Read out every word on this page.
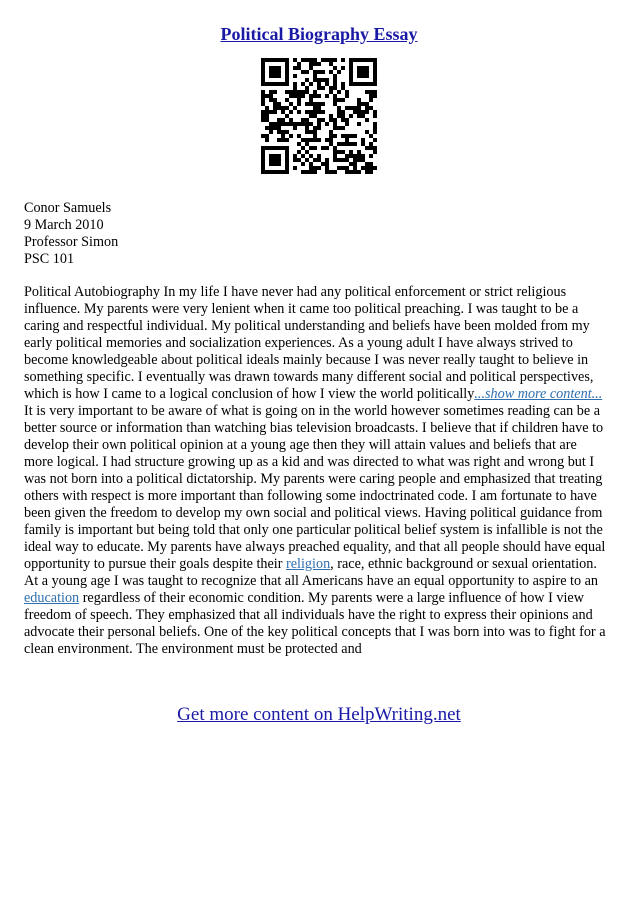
Political Biography Essay
Conor Samuels
9 March 2010
Professor Simon
PSC 101

Political Autobiography In my life I have never had any political enforcement or strict religious influence. My parents were very lenient when it came too political preaching. I was taught to be a caring and respectful individual. My political understanding and beliefs have been molded from my early political memories and socialization experiences. As a young adult I have always strived to become knowledgeable about political ideals mainly because I was never really taught to believe in something specific. I eventually was drawn towards many different social and political perspectives, which is how I came to a logical conclusion of how I view the world politically...show more content...

It is very important to be aware of what is going on in the world however sometimes reading can be a better source or information than watching bias television broadcasts. I believe that if children have to develop their own political opinion at a young age then they will attain values and beliefs that are more logical. I had structure growing up as a kid and was directed to what was right and wrong but I was not born into a political dictatorship. My parents were caring people and emphasized that treating others with respect is more important than following some indoctrinated code. I am fortunate to have been given the freedom to develop my own social and political views. Having political guidance from family is important but being told that only one particular political belief system is infallible is not the ideal way to educate. My parents have always preached equality, and that all people should have equal opportunity to pursue their goals despite their religion, race, ethnic background or sexual orientation. At a young age I was taught to recognize that all Americans have an equal opportunity to aspire to an education regardless of their economic condition. My parents were a large influence of how I view freedom of speech. They emphasized that all individuals have the right to express their opinions and advocate their personal beliefs. One of the key political concepts that I was born into was to fight for a clean environment. The environment must be protected and

Get more content on HelpWriting.net
